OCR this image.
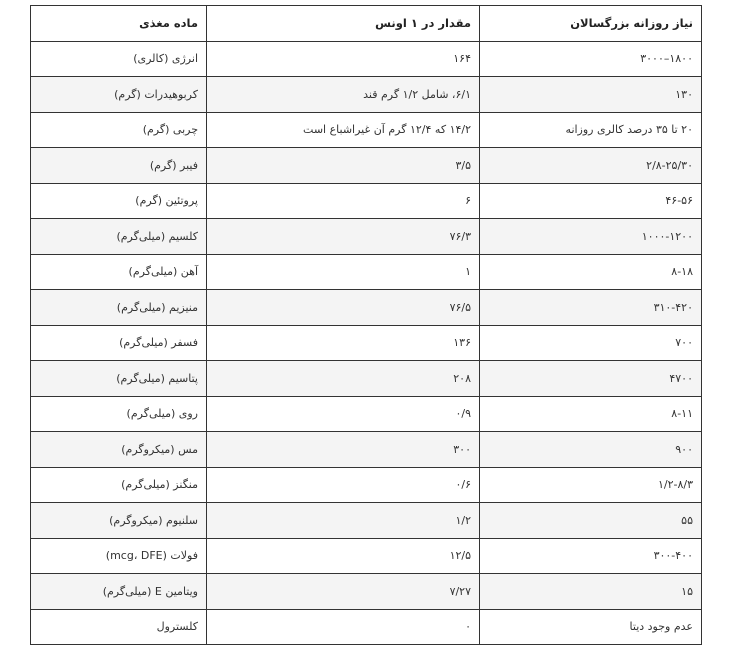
ماده مغذی	مقدار در ۱ اونس	نیاز روزانه بزرگسالان
انرژی (کالری)	۱۶۴	۱۸۰۰–۳۰۰۰
کربوهیدرات (گرم)	۶/۱، شامل ۱/۲ گرم قند	۱۳۰
چربی (گرم)	۱۴/۲ که ۱۲/۴ گرم آن غیراشباع است	۲۰ تا ۳۵ درصد کالری روزانه
فیبر (گرم)	۳/۵	۲/۸-۲۵/۳۰
پروتئین (گرم)	۶	۴۶-۵۶
کلسیم (میلی‌گرم)	۷۶/۳	۱۰۰۰-۱۲۰۰
آهن (میلی‌گرم)	۱	۸-۱۸
منیزیم (میلی‌گرم)	۷۶/۵	۳۱۰-۴۲۰
فسفر (میلی‌گرم)	۱۳۶	۷۰۰
پتاسیم (میلی‌گرم)	۲۰۸	۴۷۰۰
روی (میلی‌گرم)	۰/۹	۸-۱۱
مس (میکروگرم)	۳۰۰	۹۰۰
منگنز (میلی‌گرم)	۰/۶	۱/۲-۸/۳
سلنیوم (میکروگرم)	۱/۲	۵۵
فولات (mcg، DFE)	۱۲/۵	۳۰۰-۴۰۰
ویتامین E (میلی‌گرم)	۷/۲۷	۱۵
کلسترول	۰	عدم وجود دیتا
